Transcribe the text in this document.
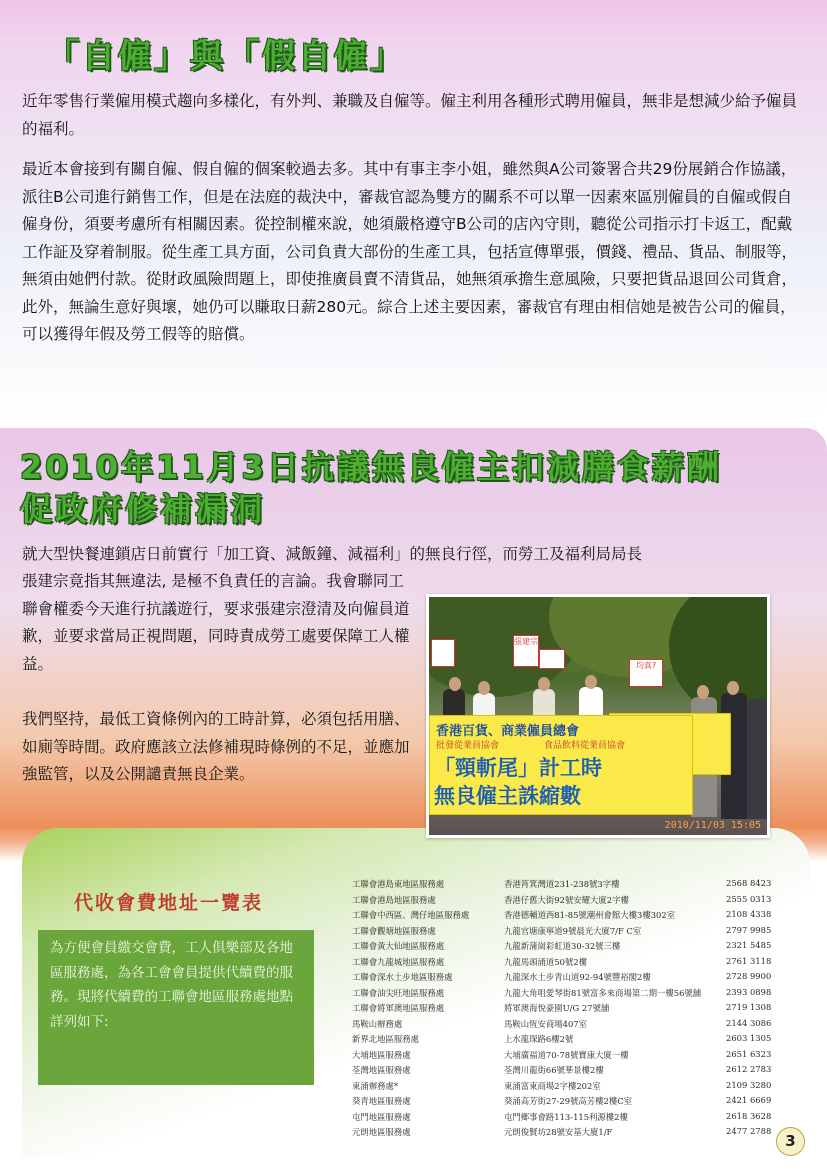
「自僱」與「假自僱」

近年零售行業僱用模式趨向多樣化，有外判、兼職及自僱等。僱主利用各種形式聘用僱員，無非是想減少給予僱員的福利。

最近本會接到有關自僱、假自僱的個案較過去多。其中有事主李小姐，雖然與A公司簽署合共29份展銷合作協議，派往B公司進行銷售工作，但是在法庭的裁決中，審裁官認為雙方的關系不可以單一因素來區別僱員的自僱或假自僱身份，須要考慮所有相關因素。從控制權來說，她須嚴格遵守B公司的店內守則，聽從公司指示打卡返工，配戴工作証及穿着制服。從生產工具方面，公司負責大部份的生產工具，包括宣傳單張，價錢、禮品、貨品、制服等，無須由她們付款。從財政風險問題上，即使推廣員賣不清貨品，她無須承擔生意風險，只要把貨品退回公司貨倉，此外，無論生意好與壞，她仍可以賺取日薪280元。綜合上述主要因素，審裁官有理由相信她是被告公司的僱員，可以獲得年假及勞工假等的賠償。

2010年11月3日抗議無良僱主扣減膳食薪酬
促政府修補漏洞

就大型快餐連鎖店日前實行「加工資、減飯鐘、減福利」的無良行徑，而勞工及福利局局長

張建宗竟指其無違法, 是極不負責任的言論。我會聯同工聯會權委今天進行抗議遊行，要求張建宗澄清及向僱員道歉，並要求當局正視問題，同時責成勞工處要保障工人權益。

我們堅持，最低工資條例內的工時計算，必須包括用膳、如廁等時間。政府應該立法修補現時條例的不足，並應加強監管，以及公開譴責無良企業。

張建宗
均真?
香港百貨、商業僱員總會
批發從業員協會　　　　　食品飲料從業員協會
「頸斬尾」計工時
無良僱主誅縮數
2010/11/03 15:05
代收會費地址一覽表

為方便會員繳交會費，工人俱樂部及各地區服務處，為各工會會員提供代續費的服務。現將代續費的工聯會地區服務處地點詳列如下:

工聯會港島東地區服務處	香港筲箕灣道231-238號3字樓	2568 8423
工聯會港島地區服務處	香港仔舊大街92號安耀大廈2字樓	2555 0313
工聯會中西區、灣仔地區服務處	香港德輔道西81-85號潮州會館大樓3樓302室	2108 4338
工聯會觀塘地區服務處	九龍官塘康寧道9號晨光大廈7/F C室	2797 9985
工聯會黃大仙地區服務處	九龍新蒲崗彩虹道30-32號三樓	2321 5485
工聯會九龍城地區服務處	九龍馬頭涌道50號2樓	2761 3118
工聯會深水土步地區服務處	九龍深水土步青山道92-94號豐裕閣2樓	2728 9900
工聯會油尖旺地區服務處	九龍大角咀愛琴街81號富多來商場第二期一樓56號舖	2393 0898
工聯會將軍澳地區服務處	將軍澳海悅豪園U/G 27號舖	2719 1308
馬鞍山辦務處	馬鞍山恆安商場407室	2144 3086
新界北地區服務處	上水龍琛路6樓2號	2603 1305
大埔地區服務處	大埔廣福道70-78號寶康大廈一樓	2651 6323
荃灣地區服務處	荃灣川龍街66號華景樓2樓	2612 2783
東涌辦務處*	東涌富東商場2字樓202室	2109 3280
葵青地區服務處	葵涌高芳街27-29號高芳樓2樓C室	2421 6669
屯門地區服務處	屯門鄉事會路113-115利源樓2樓	2618 3628
元朗地區服務處	元朗俊賢坊28號安基大廈1/F	2477 2788
3
